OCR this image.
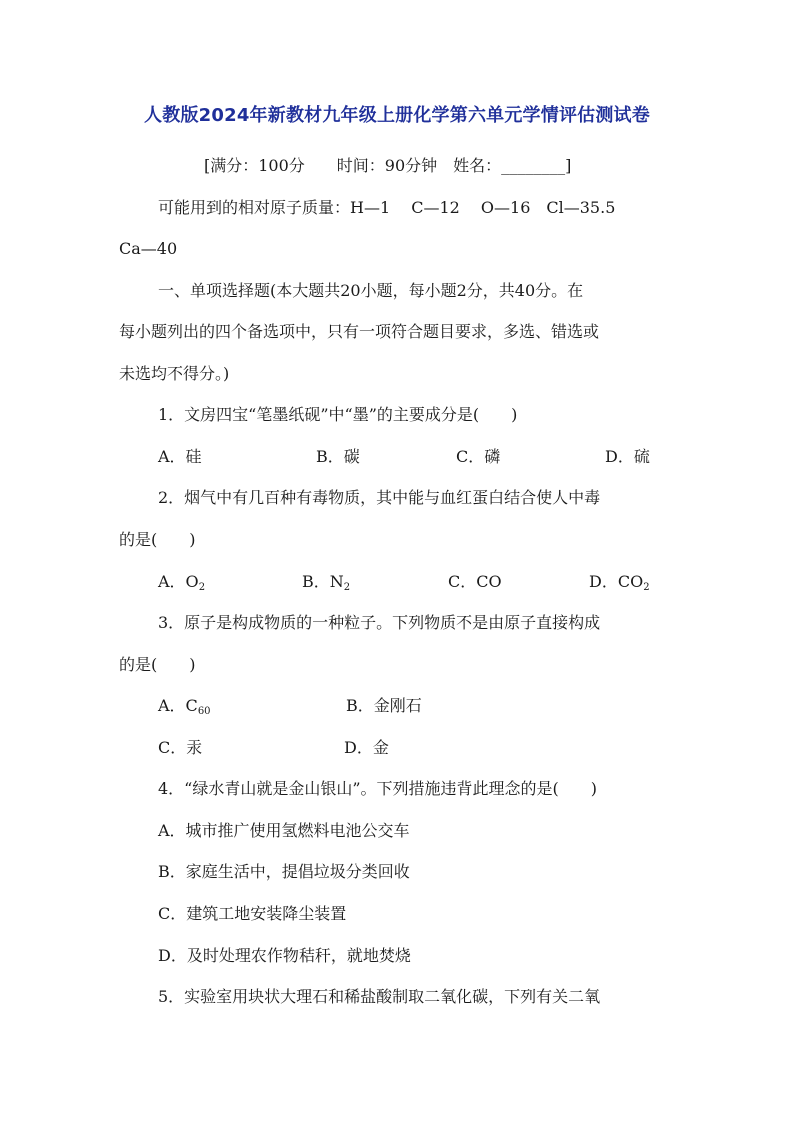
人教版2024年新教材九年级上册化学第六单元学情评估测试卷
[满分：100分　　时间：90分钟　姓名：________]
可能用到的相对原子质量：H—1　 C—12　 O—16　Cl—35.5
Ca—40
一、单项选择题(本大题共20小题，每小题2分，共40分。在
每小题列出的四个备选项中，只有一项符合题目要求，多选、错选或
未选均不得分。)
1．文房四宝“笔墨纸砚”中“墨”的主要成分是(　　)
A．硅	B．碳	C．磷	D．硫
2．烟气中有几百种有毒物质，其中能与血红蛋白结合使人中毒
的是(　　)
A．$O_2$	B．$N_2$	C．CO	D．$CO_2$
3．原子是构成物质的一种粒子。下列物质不是由原子直接构成
的是(　　)
A．$C_{60}$	B．金刚石
C．汞	D．金
4．“绿水青山就是金山银山”。下列措施违背此理念的是(　　)
A．城市推广使用氢燃料电池公交车
B．家庭生活中，提倡垃圾分类回收
C．建筑工地安装降尘装置
D．及时处理农作物秸秆，就地焚烧
5．实验室用块状大理石和稀盐酸制取二氧化碳，下列有关二氧
